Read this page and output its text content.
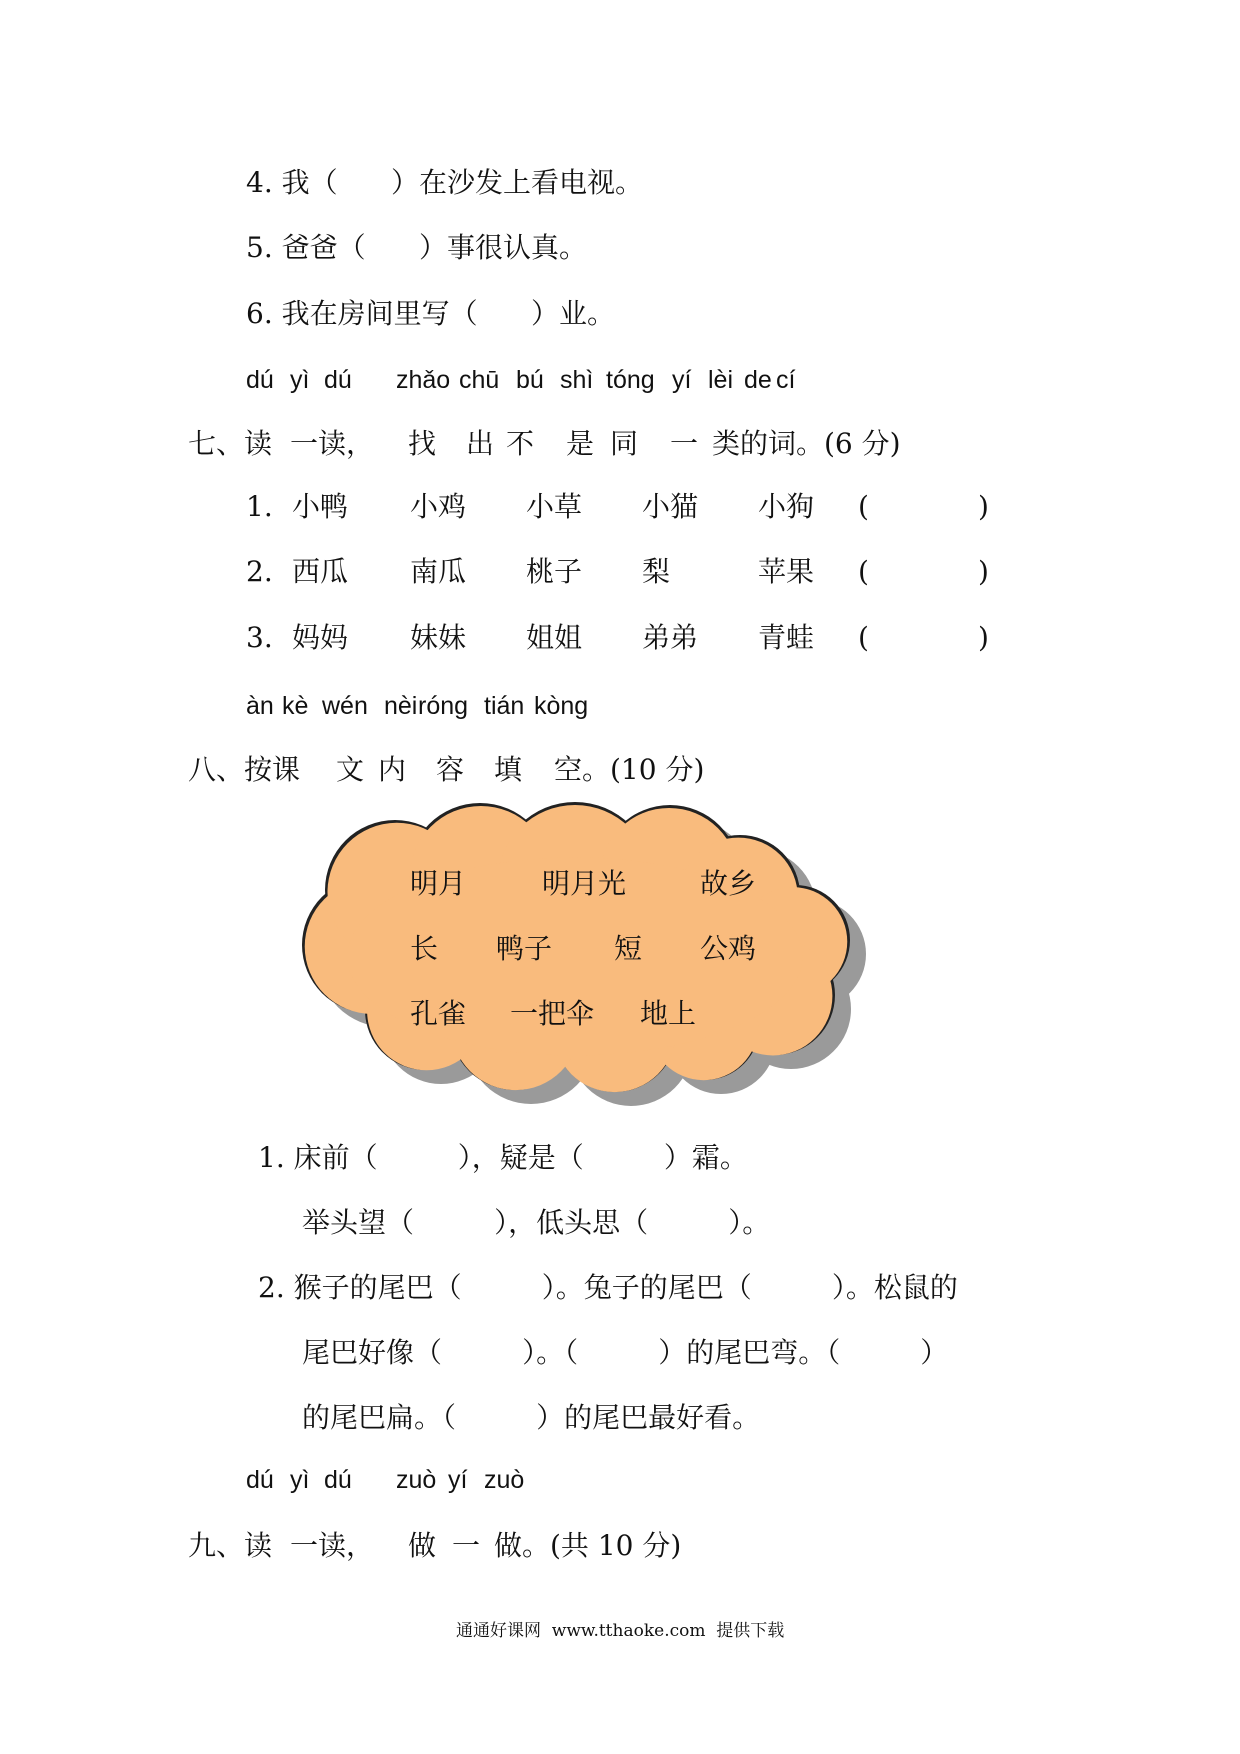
4. 我（      ）在沙发上看电视。
5. 爸爸（      ）事很认真。
6. 我在房间里写（      ）业。
dú yì dú zhǎo chū bú shì tóng yí lèi de cí
七、读 一读， 找 出 不 是 同 一 类的词。(6 分)
1. 小鸭 小鸡 小草 小猫 小狗 (	)
2. 西瓜 南瓜 桃子 梨	苹果 (	)
3. 妈妈 妹妹 姐姐 弟弟 青蛙 (	)
àn kè wén nèi róng tián kòng
八、按课 文 内 容 填 空。(10 分)
明月	明月光	故乡
长 鸭子 短 公鸡
孔雀 一把伞 地上
1. 床前（         ），疑是（         ）霜。
举头望（         ），低头思（         ）。
2. 猴子的尾巴（         ）。兔子的尾巴（         ）。松鼠的
尾巴好像（         ）。（         ）的尾巴弯。（         ）
的尾巴扁。（         ）的尾巴最好看。
dú yì dú zuò yí zuò
九、读 一读， 做 一 做。(共 10 分)
通通好课网  www.tthaoke.com  提供下载
